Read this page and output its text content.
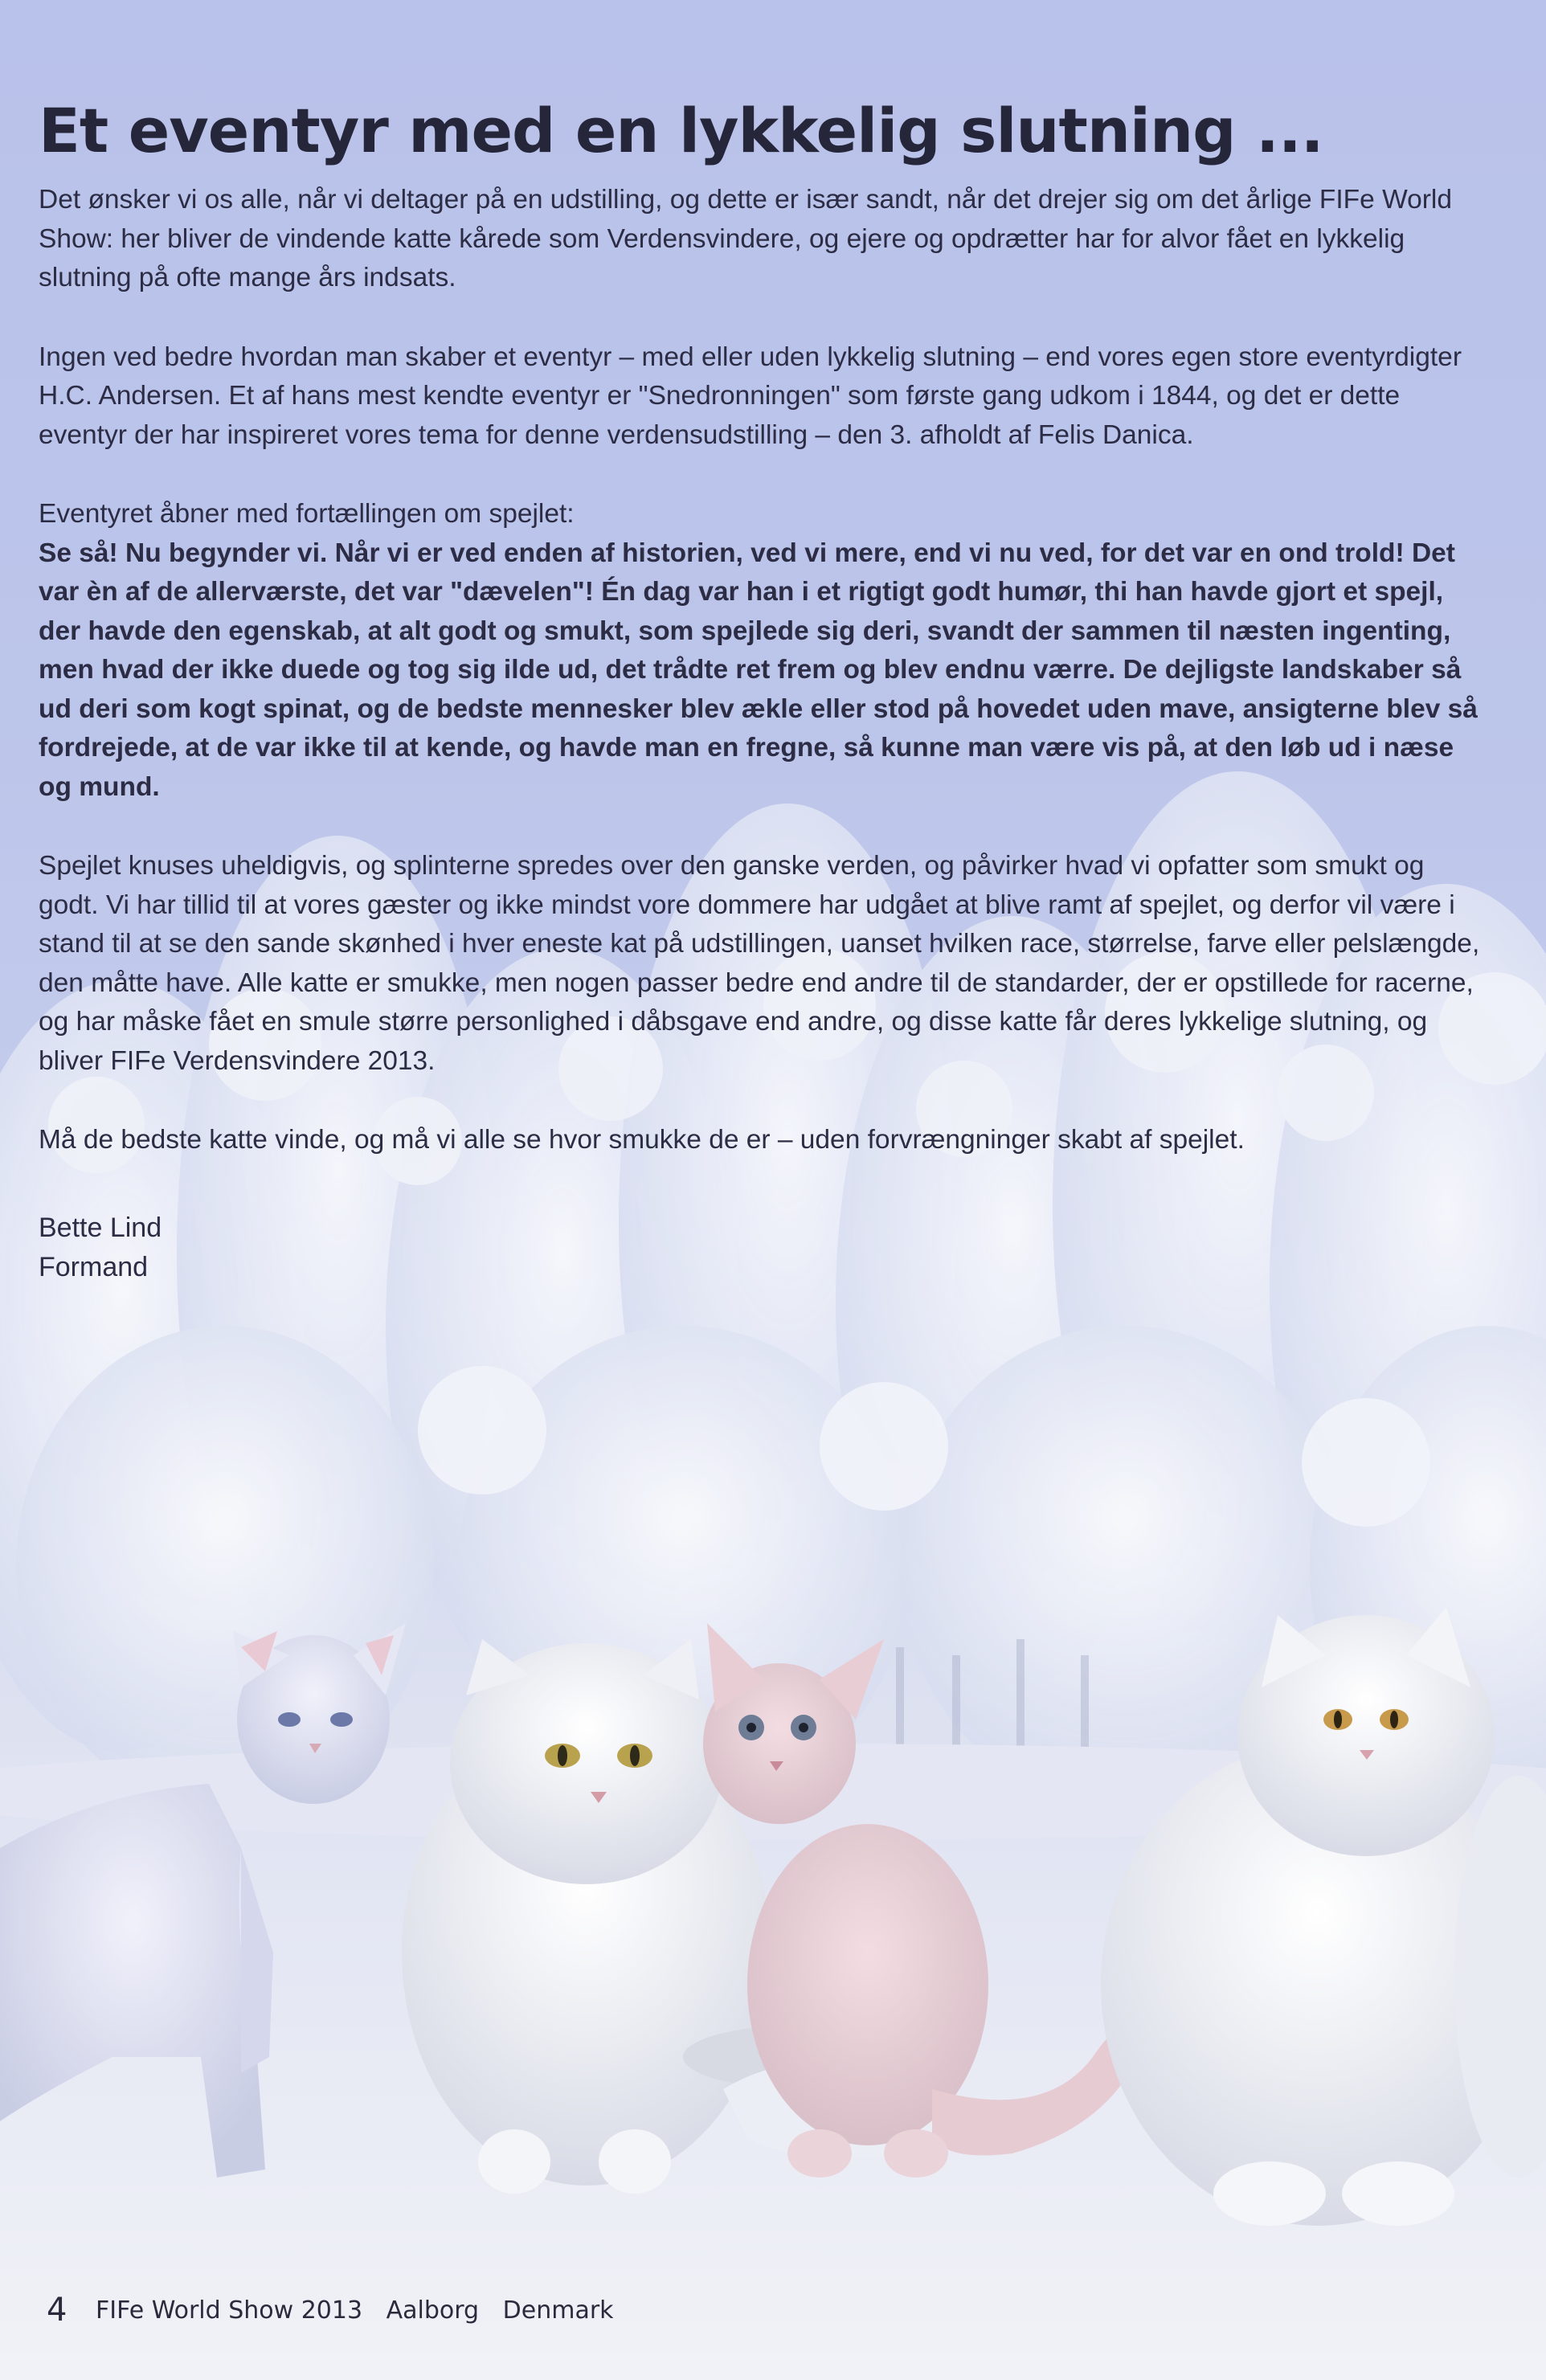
Et eventyr med en lykkelig slutning ...

Det ønsker vi os alle, når vi deltager på en udstilling, og dette er især sandt, når det drejer sig om det årlige FIFe World Show: her bliver de vindende katte kårede som Verdensvindere, og ejere og opdrætter har for alvor fået en lykkelig slutning på ofte mange års indsats.

Ingen ved bedre hvordan man skaber et eventyr – med eller uden lykkelig slutning – end vores egen store eventyrdigter H.C. Andersen. Et af hans mest kendte eventyr er "Snedronningen" som første gang udkom i 1844, og det er dette eventyr der har inspireret vores tema for denne verdensudstilling – den 3. afholdt af Felis Danica.

Eventyret åbner med fortællingen om spejlet:

Se så! Nu begynder vi. Når vi er ved enden af historien, ved vi mere, end vi nu ved, for det var en ond trold! Det var èn af de allerværste, det var "dævelen"! Én dag var han i et rigtigt godt humør, thi han havde gjort et spejl, der havde den egenskab, at alt godt og smukt, som spejlede sig deri, svandt der sammen til næsten ingenting, men hvad der ikke duede og tog sig ilde ud, det trådte ret frem og blev endnu værre. De dejligste landskaber så ud deri som kogt spinat, og de bedste mennesker blev ækle eller stod på hovedet uden mave, ansigterne blev så fordrejede, at de var ikke til at kende, og havde man en fregne, så kunne man være vis på, at den løb ud i næse og mund.

Spejlet knuses uheldigvis, og splinterne spredes over den ganske verden, og påvirker hvad vi opfatter som smukt og godt. Vi har tillid til at vores gæster og ikke mindst vore dommere har udgået at blive ramt af spejlet, og derfor vil være i stand til at se den sande skønhed i hver eneste kat på udstillingen, uanset hvilken race, størrelse, farve eller pelslængde, den måtte have. Alle katte er smukke, men nogen passer bedre end andre til de standarder, der er opstillede for racerne, og har måske fået en smule større personlighed i dåbsgave end andre, og disse katte får deres lykkelige slutning, og bliver FIFe Verdensvindere 2013.

Må de bedste katte vinde, og må vi alle se hvor smukke de er – uden forvrængninger skabt af spejlet.

Bette Lind
Formand
4 FIFe World Show 2013 Aalborg Denmark
